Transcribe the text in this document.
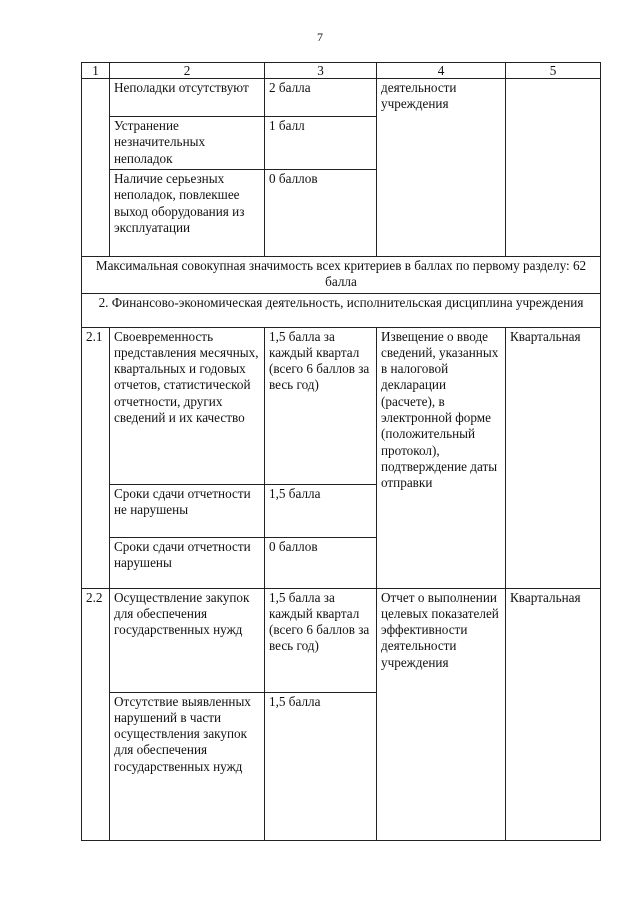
7
1	2	3	4	5
	Неполадки отсутствуют	2 балла	деятельности учреждения	
	Устранение незначительных неполадок	1 балл		
	Наличие серьезных неполадок, повлекшее выход оборудования из эксплуатации	0 баллов		
Максимальная совокупная значимость всех критериев в баллах по первому разделу: 62 балла				
2. Финансово-экономическая деятельность, исполнительская дисциплина учреждения				
2.1	Своевременность представления месячных, квартальных и годовых отчетов, статистической отчетности, других сведений и их качество	1,5 балла за каждый квартал (всего 6 баллов за весь год)	Извещение о вводе сведений, указанных в налоговой декларации (расчете), в электронной форме (положительный протокол), подтверждение даты отправки	Квартальная
	Сроки сдачи отчетности не нарушены	1,5 балла		
	Сроки сдачи отчетности нарушены	0 баллов		
2.2	Осуществление закупок для обеспечения государственных нужд	1,5 балла за каждый квартал (всего 6 баллов за весь год)	Отчет о выполнении целевых показателей эффективности деятельности учреждения	Квартальная
	Отсутствие выявленных нарушений в части осуществления закупок для обеспечения государственных нужд	1,5 балла		
